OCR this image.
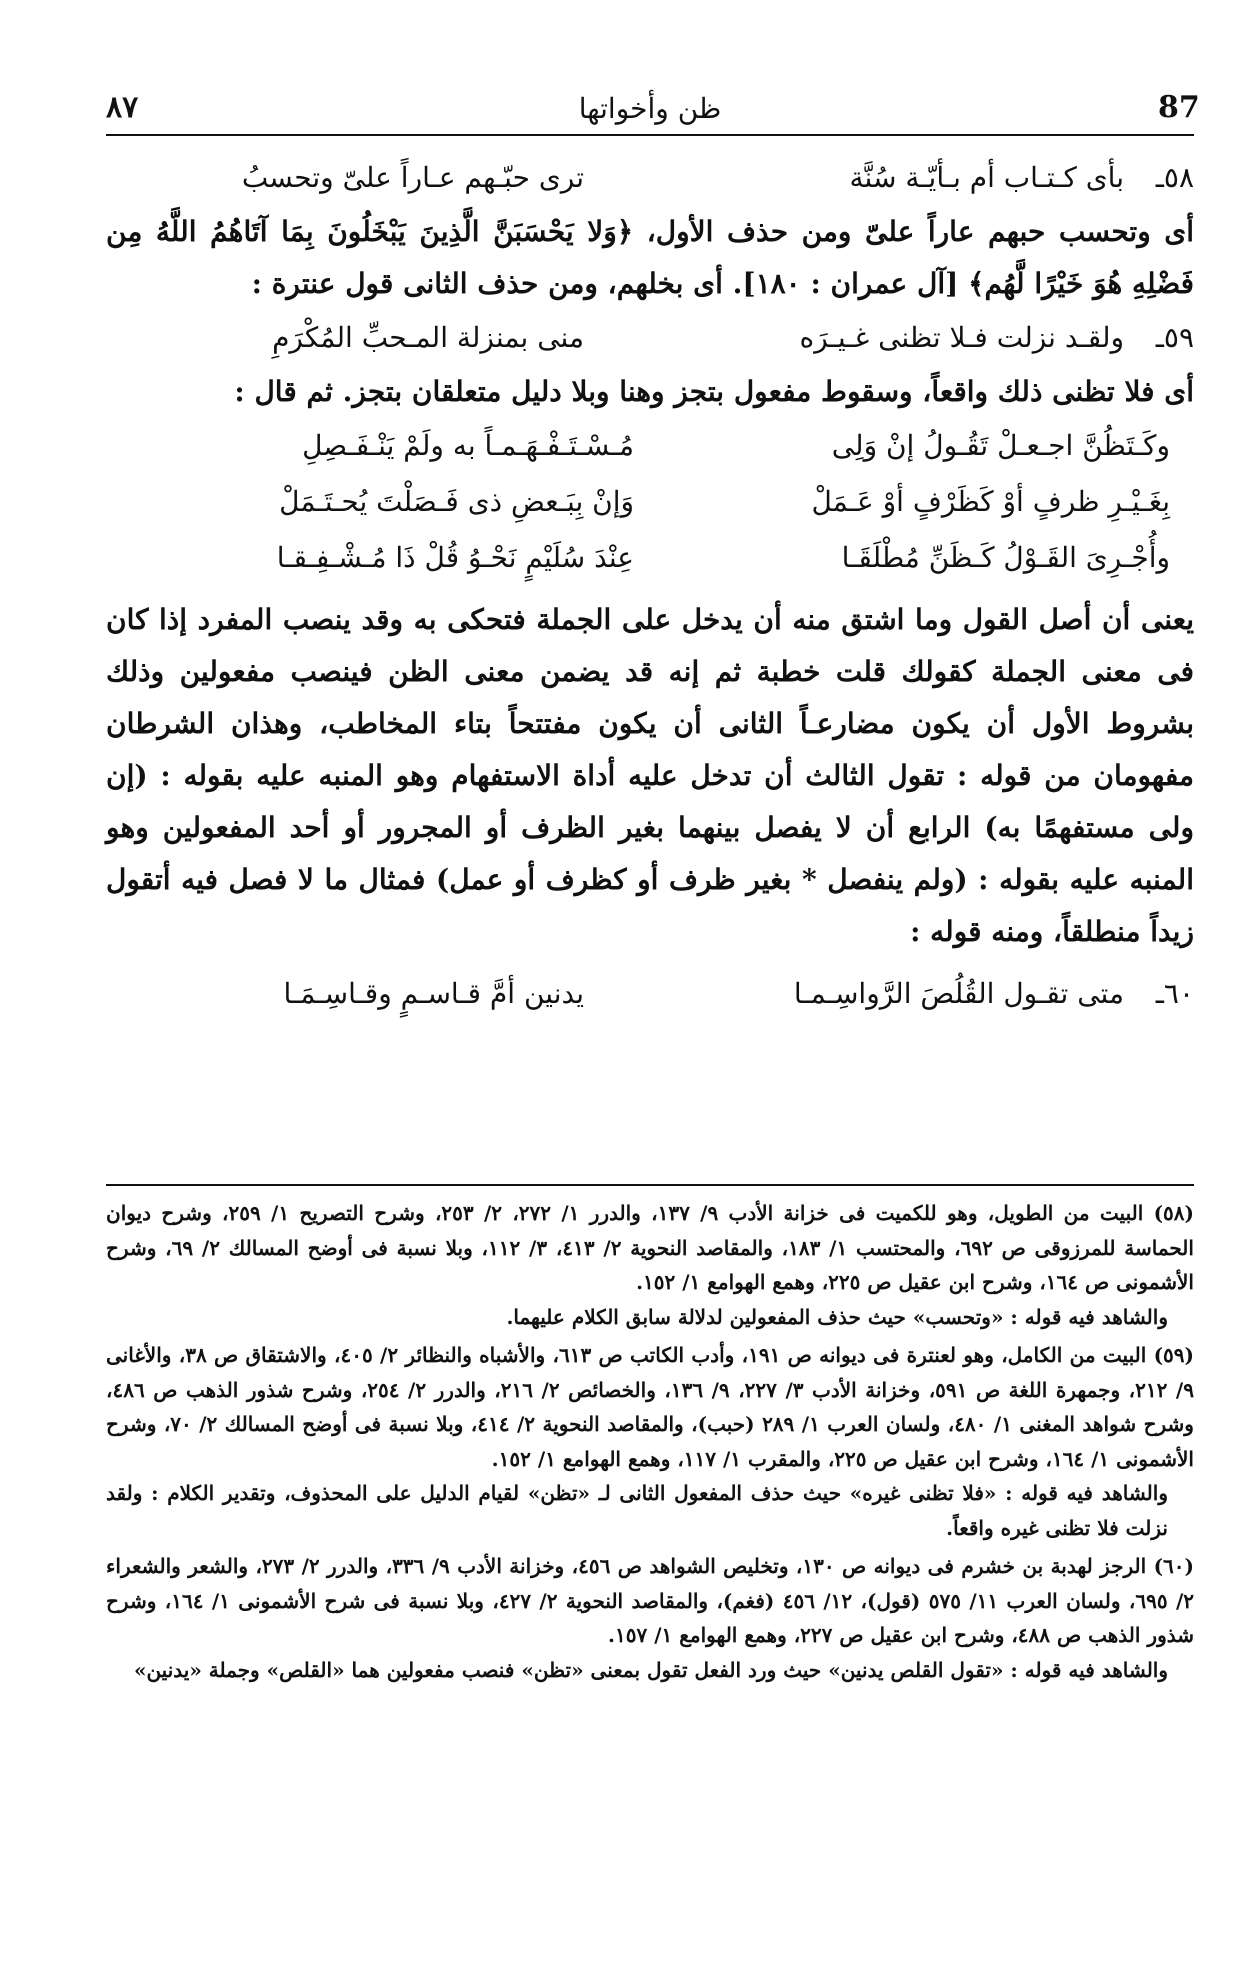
87
ظن وأخواتها
٨٧
٥٨ـ
بأى كـتـاب أم بـأيّـة سُنَّة
ترى حبّـهم عـاراً علىّ وتحسبُ

أى وتحسب حبهم عاراً علىّ ومن حذف الأول، ﴿وَلا يَحْسَبَنَّ الَّذِينَ يَبْخَلُونَ بِمَا آتَاهُمُ اللَّهُ مِن فَضْلِهِ هُوَ خَيْرًا لَّهُم﴾ [آل عمران : ١٨٠]. أى بخلهم، ومن حذف الثانى قول عنترة :

٥٩ـ
ولقـد نزلت فـلا تظنى غـيـرَه
منى بمنزلة المـحبِّ المُكْرَمِ

أى فلا تظنى ذلك واقعاً، وسقوط مفعول بتجز وهنا وبلا دليل متعلقان بتجز. ثم قال :

وكَـتَظُنَّ اجـعـلْ تَقُـولُ إنْ وَلِى
مُـسْـتَـفْـهَـمـاً به ولَمْ يَنْـفَـصِلِ
بِغَـيْـرِ ظرفٍ أوْ كَظَرْفٍ أوْ عَـمَلْ
وَإنْ بِبَـعضِ ذى فَـصَلْتَ يُحـتَـمَلْ
وأُجْـرِىَ القَـوْلُ كَـظَنِّ مُطْلَقَـا
عِنْدَ سُلَيْمٍ نَحْـوُ قُلْ ذَا مُـشْـفِـقـا

يعنى أن أصل القول وما اشتق منه أن يدخل على الجملة فتحكى به وقد ينصب المفرد إذا كان فى معنى الجملة كقولك قلت خطبة ثم إنه قد يضمن معنى الظن فينصب مفعولين وذلك بشروط الأول أن يكون مضارعـاً الثانى أن يكون مفتتحاً بتاء المخاطب، وهذان الشرطان مفهومان من قوله : تقول الثالث أن تدخل عليه أداة الاستفهام وهو المنبه عليه بقوله : (إن ولى مستفهمًا به) الرابع أن لا يفصل بينهما بغير الظرف أو المجرور أو أحد المفعولين وهو المنبه عليه بقوله : (ولم ينفصل * بغير ظرف أو كظرف أو عمل) فمثال ما لا فصل فيه أتقول زيداً منطلقاً، ومنه قوله :

٦٠ـ
متى تقـول القُلُصَ الرَّواسِـمـا
يدنين أمَّ قـاسـمٍ وقـاسِـمَـا

(٥٨) البيت من الطويل، وهو للكميت فى خزانة الأدب ٩/ ١٣٧، والدرر ١/ ٢٧٢، ٢/ ٢٥٣، وشرح التصريح ١/ ٢٥٩، وشرح ديوان الحماسة للمرزوقى ص ٦٩٢، والمحتسب ١/ ١٨٣، والمقاصد النحوية ٢/ ٤١٣، ٣/ ١١٢، وبلا نسبة فى أوضح المسالك ٢/ ٦٩، وشرح الأشمونى ص ١٦٤، وشرح ابن عقيل ص ٢٢٥، وهمع الهوامع ١/ ١٥٢.

والشاهد فيه قوله : «وتحسب» حيث حذف المفعولين لدلالة سابق الكلام عليهما.

(٥٩) البيت من الكامل، وهو لعنترة فى ديوانه ص ١٩١، وأدب الكاتب ص ٦١٣، والأشباه والنظائر ٢/ ٤٠٥، والاشتقاق ص ٣٨، والأغانى ٩/ ٢١٢، وجمهرة اللغة ص ٥٩١، وخزانة الأدب ٣/ ٢٢٧، ٩/ ١٣٦، والخصائص ٢/ ٢١٦، والدرر ٢/ ٢٥٤، وشرح شذور الذهب ص ٤٨٦، وشرح شواهد المغنى ١/ ٤٨٠، ولسان العرب ١/ ٢٨٩ (حبب)، والمقاصد النحوية ٢/ ٤١٤، وبلا نسبة فى أوضح المسالك ٢/ ٧٠، وشرح الأشمونى ١/ ١٦٤، وشرح ابن عقيل ص ٢٢٥، والمقرب ١/ ١١٧، وهمع الهوامع ١/ ١٥٢.

والشاهد فيه قوله : «فلا تظنى غيره» حيث حذف المفعول الثانى لـ «تظن» لقيام الدليل على المحذوف، وتقدير الكلام : ولقد نزلت فلا تظنى غيره واقعاً.

(٦٠) الرجز لهدبة بن خشرم فى ديوانه ص ١٣٠، وتخليص الشواهد ص ٤٥٦، وخزانة الأدب ٩/ ٣٣٦، والدرر ٢/ ٢٧٣، والشعر والشعراء ٢/ ٦٩٥، ولسان العرب ١١/ ٥٧٥ (قول)، ١٢/ ٤٥٦ (فغم)، والمقاصد النحوية ٢/ ٤٢٧، وبلا نسبة فى شرح الأشمونى ١/ ١٦٤، وشرح شذور الذهب ص ٤٨٨، وشرح ابن عقيل ص ٢٢٧، وهمع الهوامع ١/ ١٥٧.

والشاهد فيه قوله : «تقول القلص يدنين» حيث ورد الفعل تقول بمعنى «تظن» فنصب مفعولين هما «القلص» وجملة «يدنين»
